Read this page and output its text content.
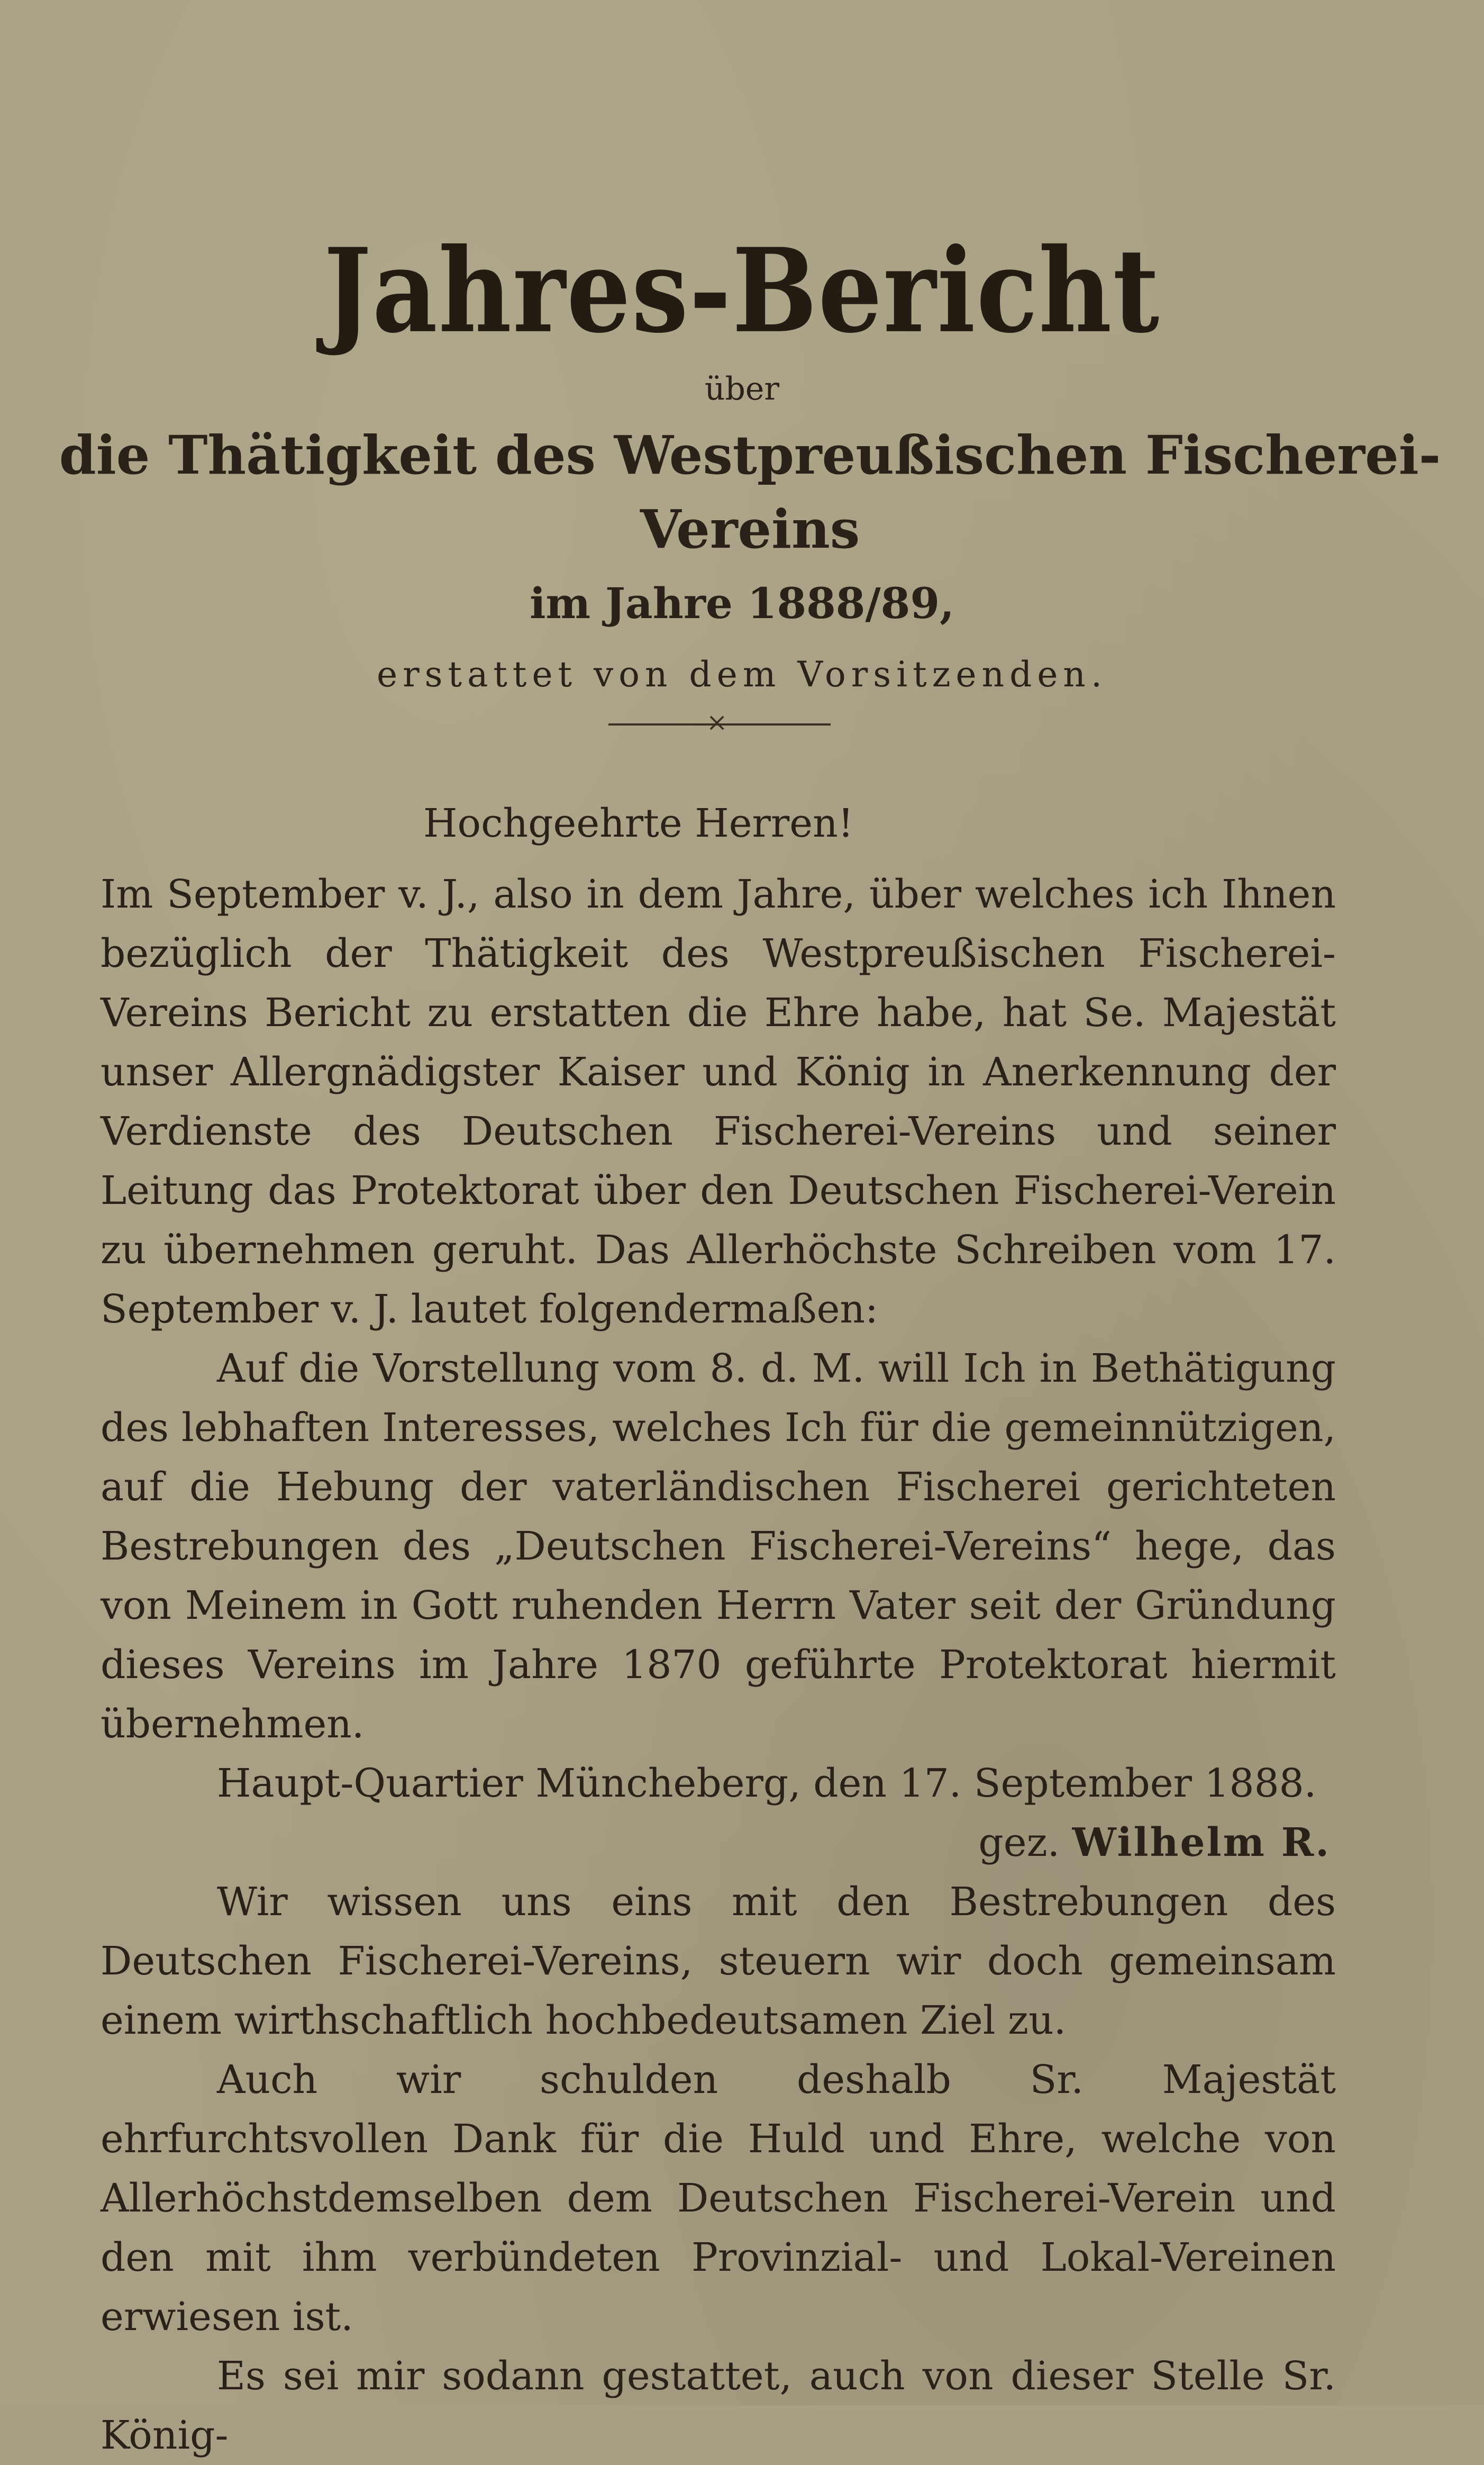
Jahres-Bericht
über
die Thätigkeit des Westpreußischen Fischerei-Vereins
im Jahre 1888/89,
erstattet von dem Vorsitzenden.
×

Hochgeehrte Herren!

Im September v. J., also in dem Jahre, über welches ich Ihnen bezüglich der Thätigkeit des Westpreußischen Fischerei-Vereins Bericht zu erstatten die Ehre habe, hat Se. Majestät unser Allergnädigster Kaiser und König in Anerkennung der Verdienste des Deutschen Fischerei-Vereins und seiner Leitung das Protektorat über den Deutschen Fischerei-Verein zu übernehmen geruht. Das Allerhöchste Schreiben vom 17. September v. J. lautet folgendermaßen:

Auf die Vorstellung vom 8. d. M. will Ich in Bethätigung des lebhaften Interesses, welches Ich für die gemeinnützigen, auf die Hebung der vaterländischen Fischerei gerichteten Bestrebungen des „Deutschen Fischerei-Vereins“ hege, das von Meinem in Gott ruhenden Herrn Vater seit der Gründung dieses Vereins im Jahre 1870 geführte Protektorat hiermit übernehmen.

Haupt-Quartier Müncheberg, den 17. September 1888.

gez. Wilhelm R.

Wir wissen uns eins mit den Bestrebungen des Deutschen Fischerei-Vereins, steuern wir doch gemeinsam einem wirthschaftlich hochbedeutsamen Ziel zu.

Auch wir schulden deshalb Sr. Majestät ehrfurchtsvollen Dank für die Huld und Ehre, welche von Allerhöchstdemselben dem Deutschen Fischerei-Verein und den mit ihm verbündeten Provinzial- und Lokal-Vereinen erwiesen ist.

Es sei mir sodann gestattet, auch von dieser Stelle Sr. König-
